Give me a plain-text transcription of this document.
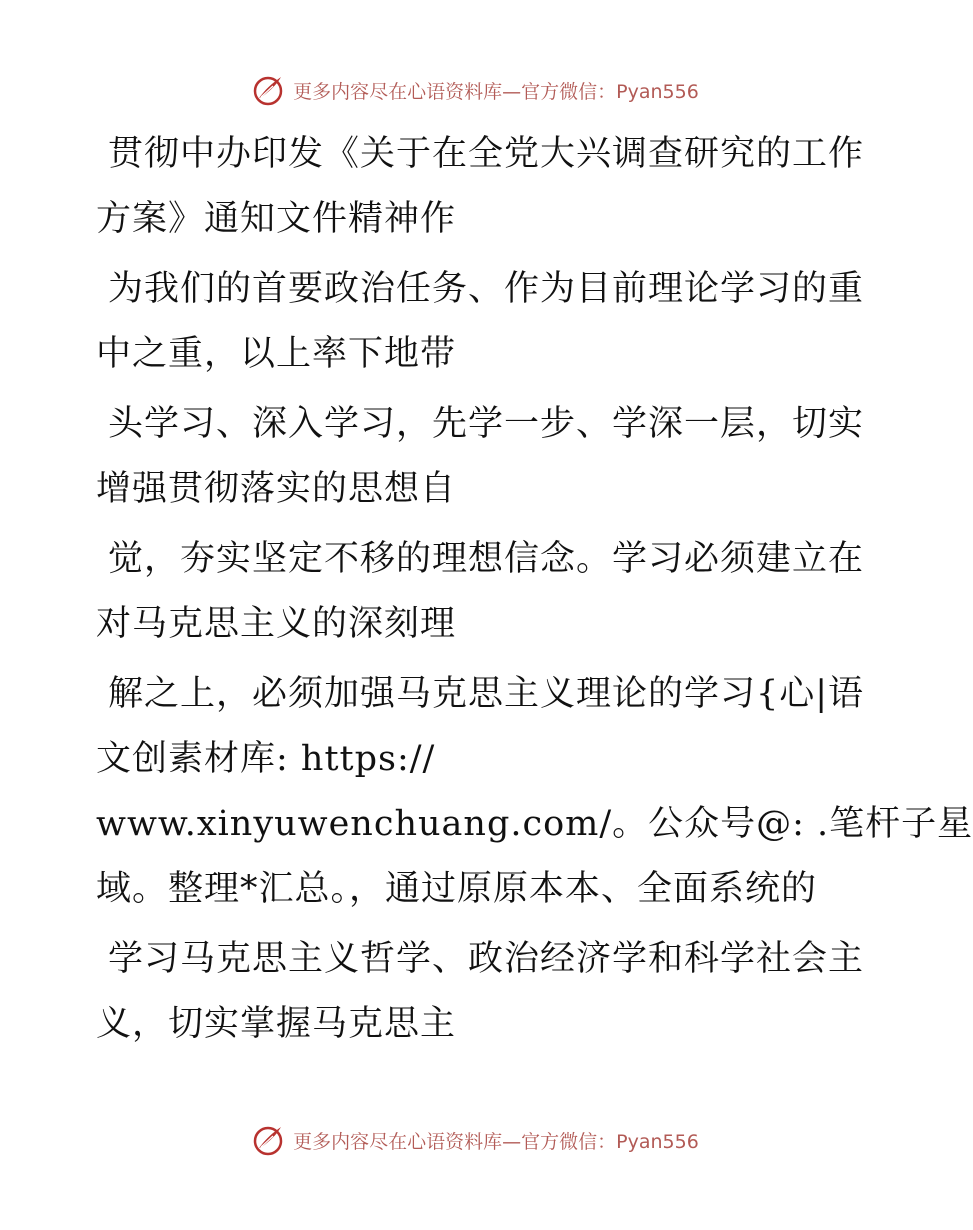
更多内容尽在心语资料库—官方微信：Pyan556

贯彻中办印发《关于在全党大兴调查研究的工作
方案》通知文件精神作

为我们的首要政治任务、作为目前理论学习的重
中之重，以上率下地带

头学习、深入学习，先学一步、学深一层，切实
增强贯彻落实的思想自

觉，夯实坚定不移的理想信念。学习必须建立在
对马克思主义的深刻理

解之上，必须加强马克思主义理论的学习{心|语
文创素材库: https://
www.xinyuwenchuang.com/。公众号@: .笔杆子星
域。整理*汇总。，通过原原本本、全面系统的

学习马克思主义哲学、政治经济学和科学社会主
义，切实掌握马克思主

更多内容尽在心语资料库—官方微信：Pyan556
